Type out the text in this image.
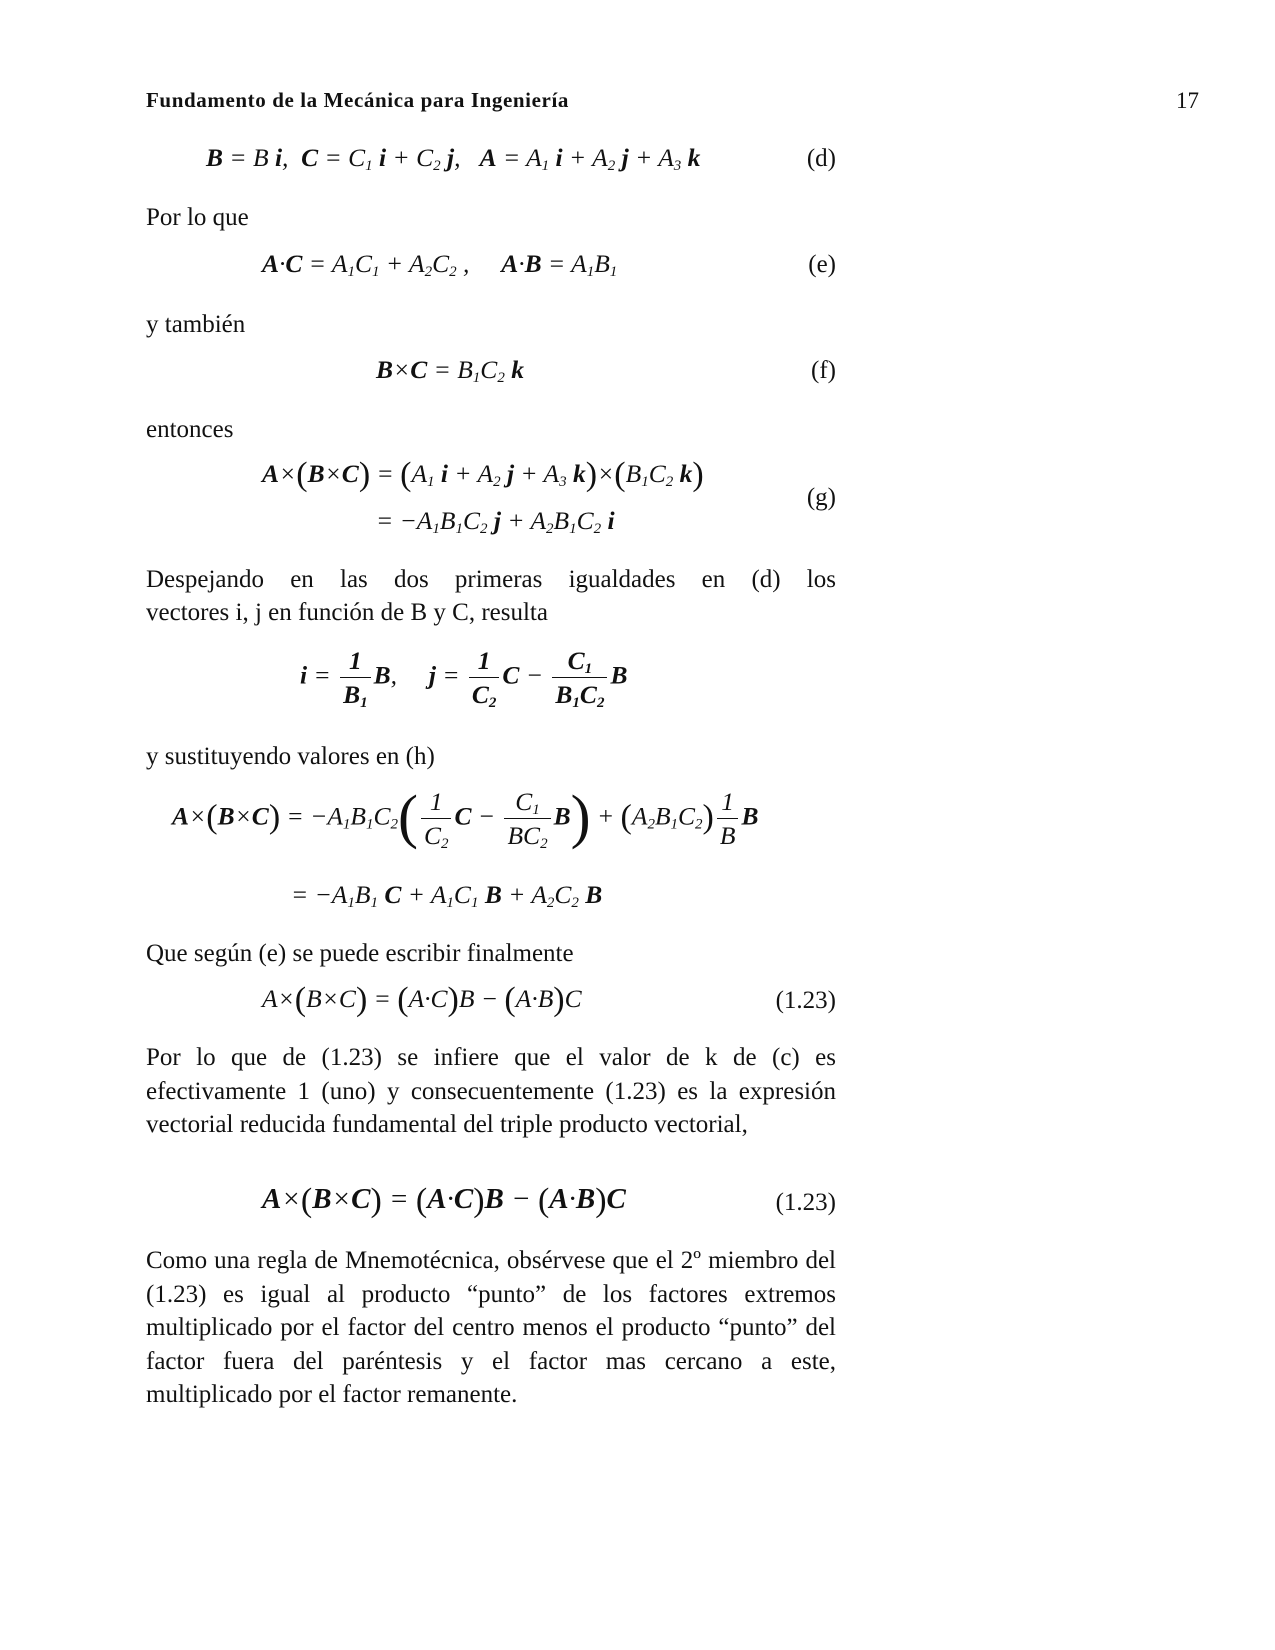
Fundamento de la Mecánica para Ingeniería	17
B = B i,  $C = C_1$ $i + C_2$ j,   $A = A_1$ $i + A_2$ $j + A_3$ k	(d)
Por lo que
$A\cdot C = A_1C_1 + A_2C_2$ ,     $A\cdot B = A_1B_1$	(e)
y también
$B\times C = B_1C_2$ k	(f)
entonces
$A\times(B\times C) = (A_1$ $i + A_2$ $j + A_3$ $k)\times(B_1C_2$ k)
= $-A_1B_1C_2$ $j + A_2B_1C_2$ i
(g)
Despejando en las dos primeras igualdades en (d) los
vectores i, j en función de B y C, resulta
$i = \frac{1}{B_1} B$,     $j = \frac{1}{C_2}$ $C - \frac{C_1}{B_1C_2}$ B
y sustituyendo valores en (h)
$A\times(B\times C) = -A_1B_1C_2( \frac{1}{C_2}$ $C - \frac{C_1}{BC_2} B) + (A_2B_1C_2) \frac{1}{B}$ B
= $-A_1B_1$ $C + A_1C_1$ $B + A_2C_2$ B
Que según (e) se puede escribir finalmente
A×(B×C) = (A·C)B − (A·B)C	(1.23)
Por lo que de (1.23) se infiere que el valor de k de (c) es efectivamente 1 (uno) y consecuentemente (1.23) es la expresión vectorial reducida fundamental del triple producto vectorial,
A×(B×C) = (A·C)B − (A·B)C	(1.23)
Como una regla de Mnemotécnica, obsérvese que el 2º miembro del (1.23) es igual al producto “punto” de los factores extremos multiplicado por el factor del centro menos el producto “punto” del factor fuera del paréntesis y el factor mas cercano a este, multiplicado por el factor remanente.
